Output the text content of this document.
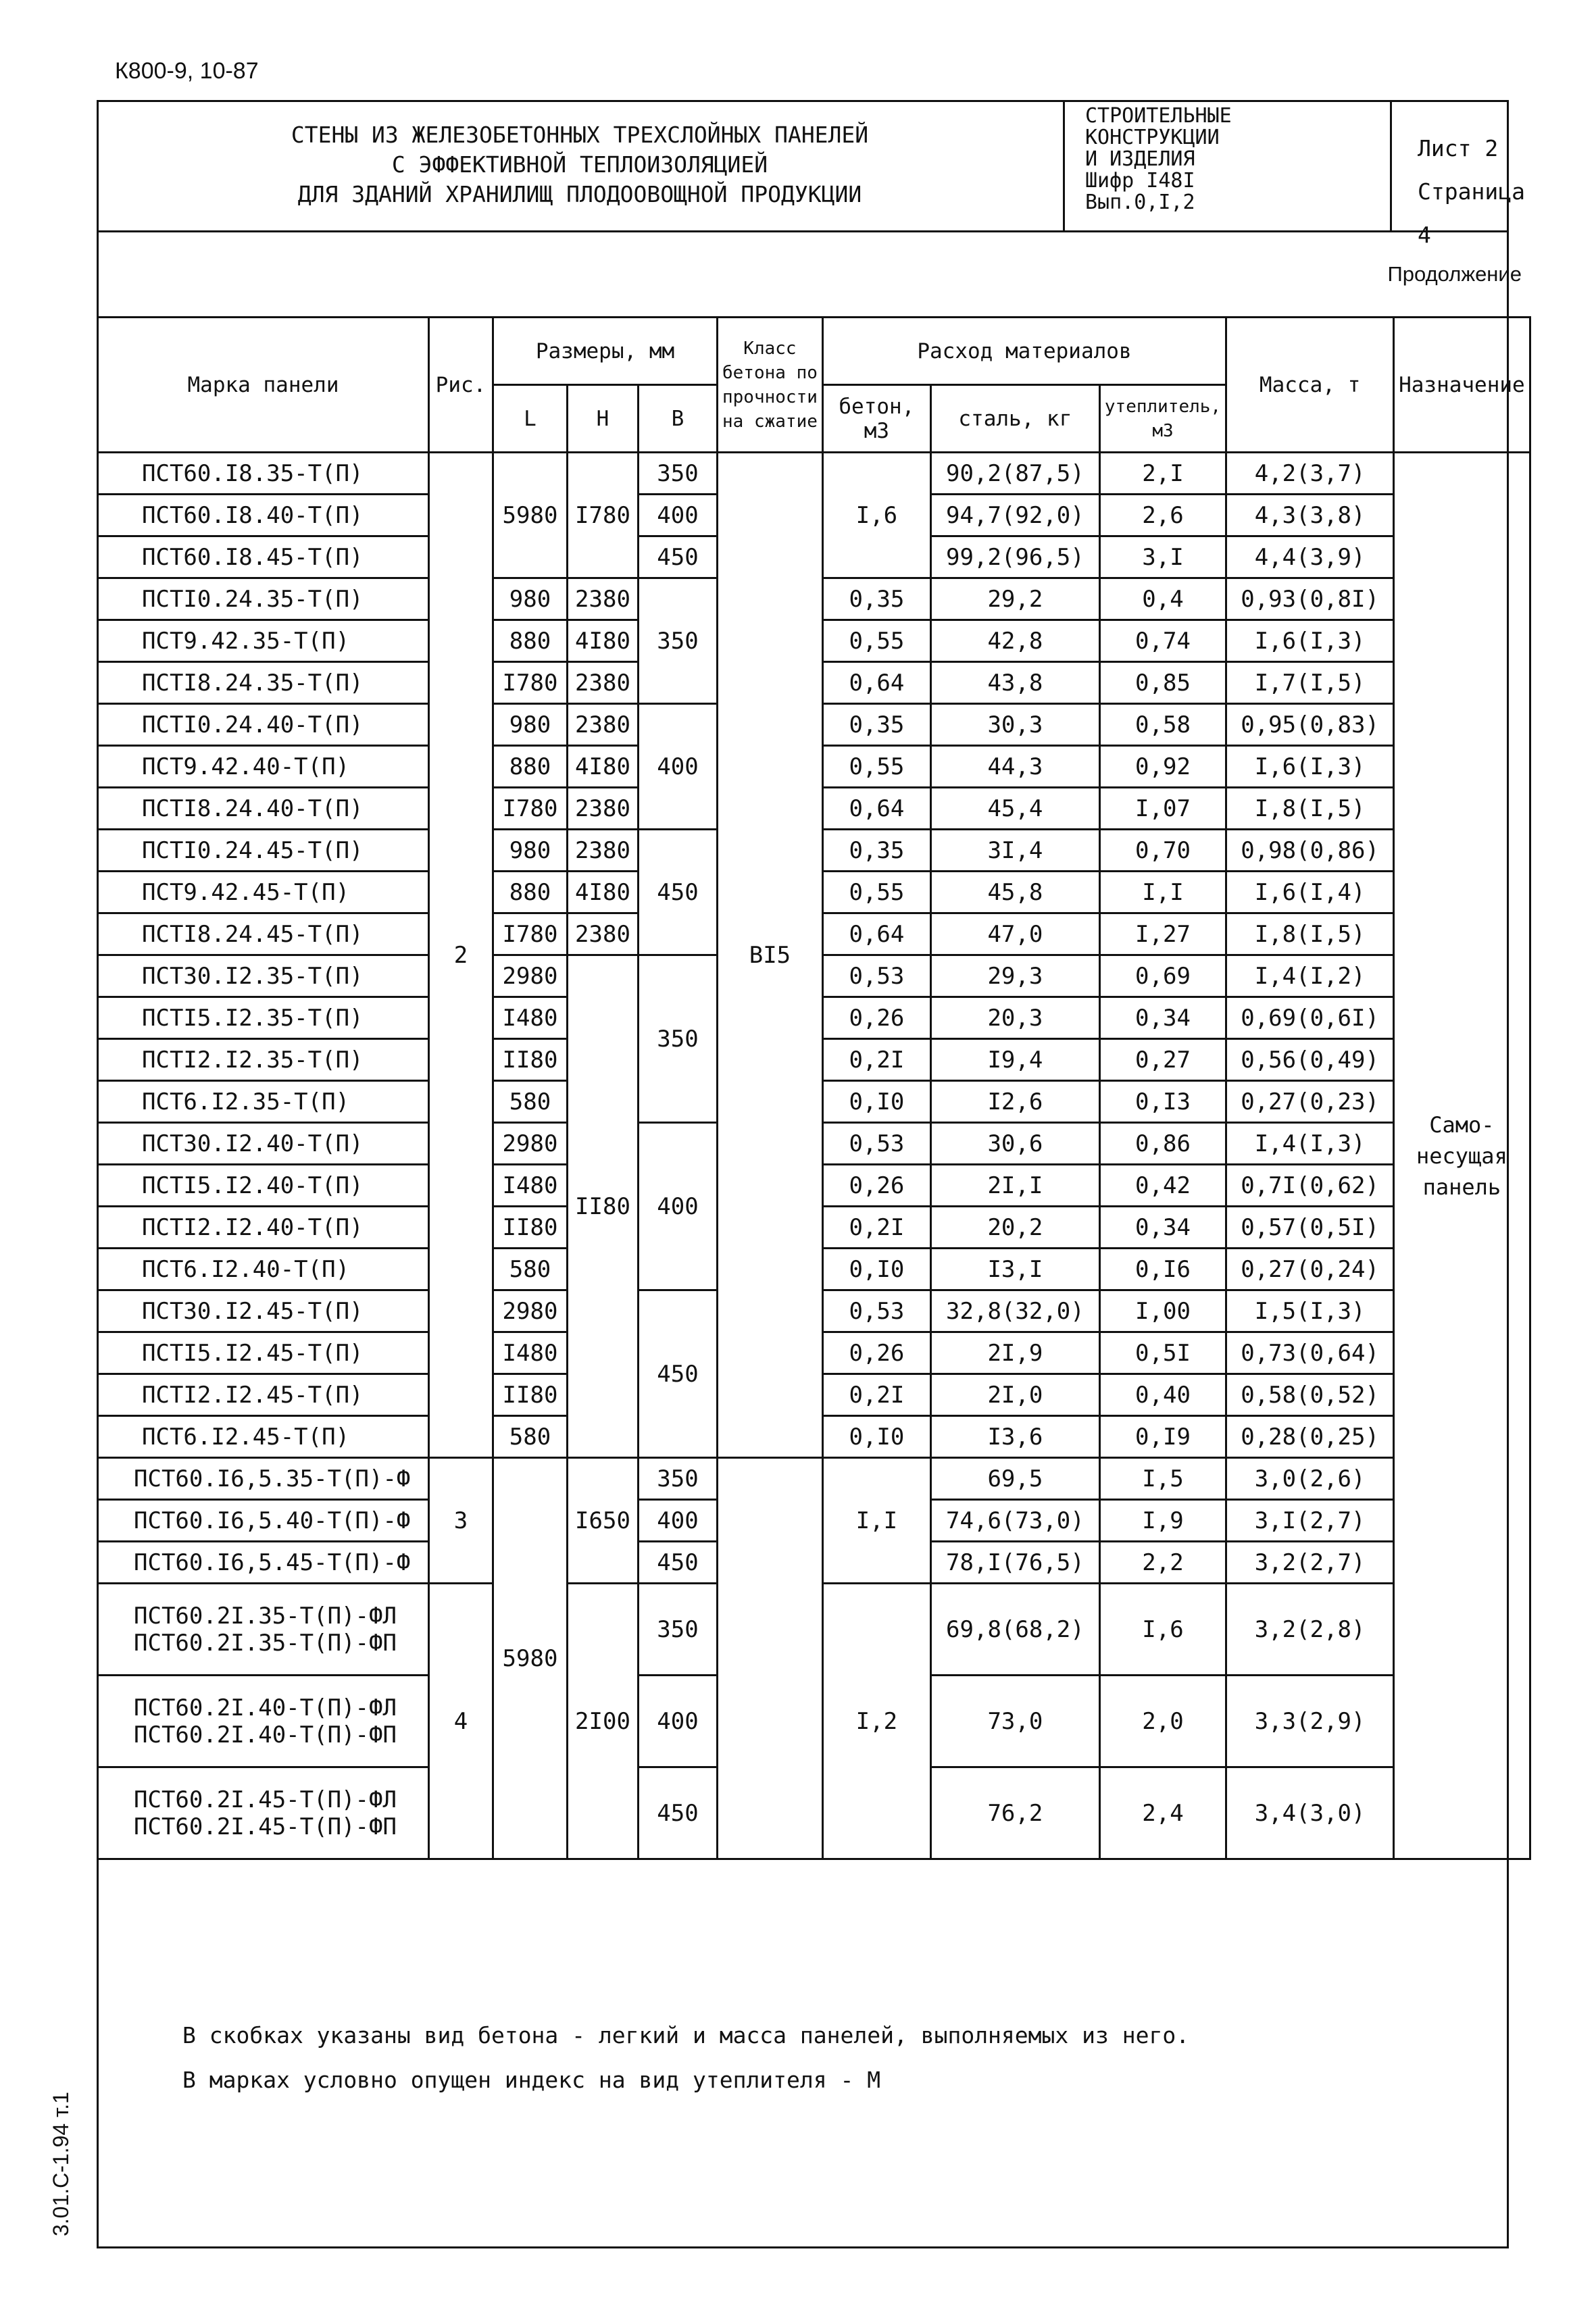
К800-9, 10-87
СТЕНЫ ИЗ ЖЕЛЕЗОБЕТОННЫХ ТРЕХСЛОЙНЫХ ПАНЕЛЕЙ
С ЭФФЕКТИВНОЙ ТЕПЛОИЗОЛЯЦИЕЙ
ДЛЯ ЗДАНИЙ ХРАНИЛИЩ ПЛОДООВОЩНОЙ ПРОДУКЦИИ
СТРОИТЕЛЬНЫЕ
КОНСТРУКЦИИ
И ИЗДЕЛИЯ
Шифр I48I
Вып.0,I,2
Лист 2
Страница 4
Продолжение
Марка панели	Рис.	Размеры, мм			Класс бетона по прочности на сжатие	Расход материалов			Масса, т	Назначение
		L	Н	В		бетон, м3	сталь, кг	утеплитель, м3		
ПСТ60.I8.35-Т(П)	2	5980	I780	350	BI5	I,6	90,2(87,5)	2,I	4,2(3,7)	Само-несущая панель
ПСТ60.I8.40-Т(П)				400			94,7(92,0)	2,6	4,3(3,8)	
ПСТ60.I8.45-Т(П)				450			99,2(96,5)	3,I	4,4(3,9)	
ПСТI0.24.35-Т(П)		980	2380	350		0,35	29,2	0,4	0,93(0,8I)	
ПСТ9.42.35-Т(П)		880	4I80			0,55	42,8	0,74	I,6(I,3)	
ПСТI8.24.35-Т(П)		I780	2380			0,64	43,8	0,85	I,7(I,5)	
ПСТI0.24.40-Т(П)		980	2380	400		0,35	30,3	0,58	0,95(0,83)	
ПСТ9.42.40-Т(П)		880	4I80			0,55	44,3	0,92	I,6(I,3)	
ПСТI8.24.40-Т(П)		I780	2380			0,64	45,4	I,07	I,8(I,5)	
ПСТI0.24.45-Т(П)		980	2380	450		0,35	3I,4	0,70	0,98(0,86)	
ПСТ9.42.45-Т(П)		880	4I80			0,55	45,8	I,I	I,6(I,4)	
ПСТI8.24.45-Т(П)		I780	2380			0,64	47,0	I,27	I,8(I,5)	
ПСТ30.I2.35-Т(П)		2980	II80	350		0,53	29,3	0,69	I,4(I,2)	
ПСТI5.I2.35-Т(П)		I480				0,26	20,3	0,34	0,69(0,6I)	
ПСТI2.I2.35-Т(П)		II80				0,2I	I9,4	0,27	0,56(0,49)	
ПСТ6.I2.35-Т(П)		580				0,I0	I2,6	0,I3	0,27(0,23)	
ПСТ30.I2.40-Т(П)		2980		400		0,53	30,6	0,86	I,4(I,3)	
ПСТI5.I2.40-Т(П)		I480				0,26	2I,I	0,42	0,7I(0,62)	
ПСТI2.I2.40-Т(П)		II80				0,2I	20,2	0,34	0,57(0,5I)	
ПСТ6.I2.40-Т(П)		580				0,I0	I3,I	0,I6	0,27(0,24)	
ПСТ30.I2.45-Т(П)		2980		450		0,53	32,8(32,0)	I,00	I,5(I,3)	
ПСТI5.I2.45-Т(П)		I480				0,26	2I,9	0,5I	0,73(0,64)	
ПСТI2.I2.45-Т(П)		II80				0,2I	2I,0	0,40	0,58(0,52)	
ПСТ6.I2.45-Т(П)		580				0,I0	I3,6	0,I9	0,28(0,25)	
ПСТ60.I6,5.35-Т(П)-Ф	3	5980	I650	350		I,I	69,5	I,5	3,0(2,6)	
ПСТ60.I6,5.40-Т(П)-Ф				400			74,6(73,0)	I,9	3,I(2,7)	
ПСТ60.I6,5.45-Т(П)-Ф				450			78,I(76,5)	2,2	3,2(2,7)	

ПСТ60.2I.35-Т(П)-ФЛ
ПСТ60.2I.35-Т(П)-ФП	4		2I00	350		I,2	69,8(68,2)	I,6	3,2(2,8)	

ПСТ60.2I.40-Т(П)-ФЛ
ПСТ60.2I.40-Т(П)-ФП				400			73,0	2,0	3,3(2,9)	

ПСТ60.2I.45-Т(П)-ФЛ
ПСТ60.2I.45-Т(П)-ФП				450			76,2	2,4	3,4(3,0)	
В скобках указаны вид бетона - легкий и масса панелей, выполняемых из него.
В марках условно опущен индекс на вид утеплителя - М
3.01.С-1.94 т.1
